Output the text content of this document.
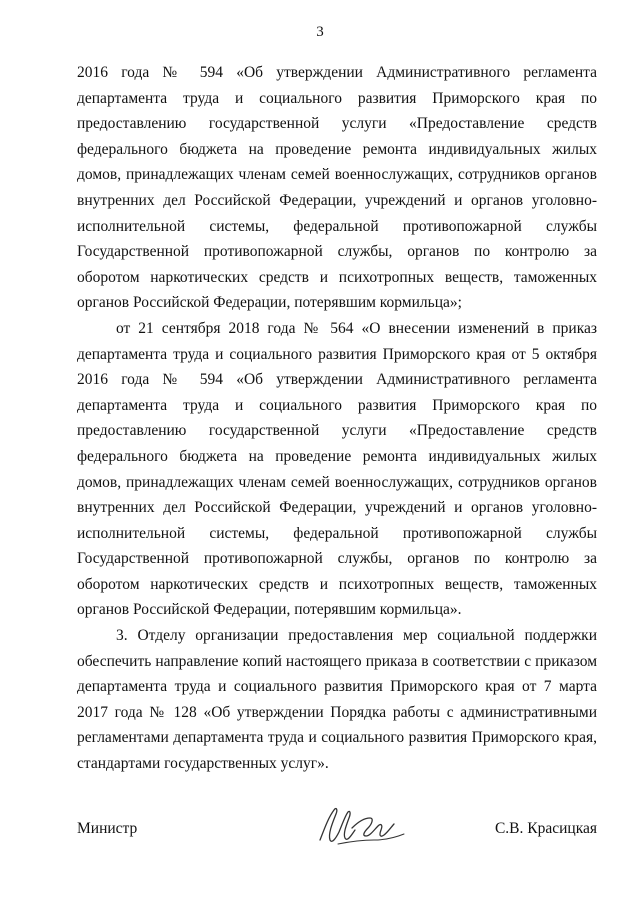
3

2016 года № 594 «Об утверждении Административного регламента департамента труда и социального развития Приморского края по предоставлению государственной услуги «Предоставление средств федерального бюджета на проведение ремонта индивидуальных жилых домов, принадлежащих членам семей военнослужащих, сотрудников органов внутренних дел Российской Федерации, учреждений и органов уголовно-исполнительной системы, федеральной противопожарной службы Государственной противопожарной службы, органов по контролю за оборотом наркотических средств и психотропных веществ, таможенных органов Российской Федерации, потерявшим кормильца»;

от 21 сентября 2018 года № 564 «О внесении изменений в приказ департамента труда и социального развития Приморского края от 5 октября 2016 года № 594 «Об утверждении Административного регламента департамента труда и социального развития Приморского края по предоставлению государственной услуги «Предоставление средств федерального бюджета на проведение ремонта индивидуальных жилых домов, принадлежащих членам семей военнослужащих, сотрудников органов внутренних дел Российской Федерации, учреждений и органов уголовно-исполнительной системы, федеральной противопожарной службы Государственной противопожарной службы, органов по контролю за оборотом наркотических средств и психотропных веществ, таможенных органов Российской Федерации, потерявшим кормильца».

3. Отделу организации предоставления мер социальной поддержки обеспечить направление копий настоящего приказа в соответствии с приказом департамента труда и социального развития Приморского края от 7 марта 2017 года № 128 «Об утверждении Порядка работы с административными регламентами департамента труда и социального развития Приморского края, стандартами государственных услуг».

Министр	С.В. Красицкая
